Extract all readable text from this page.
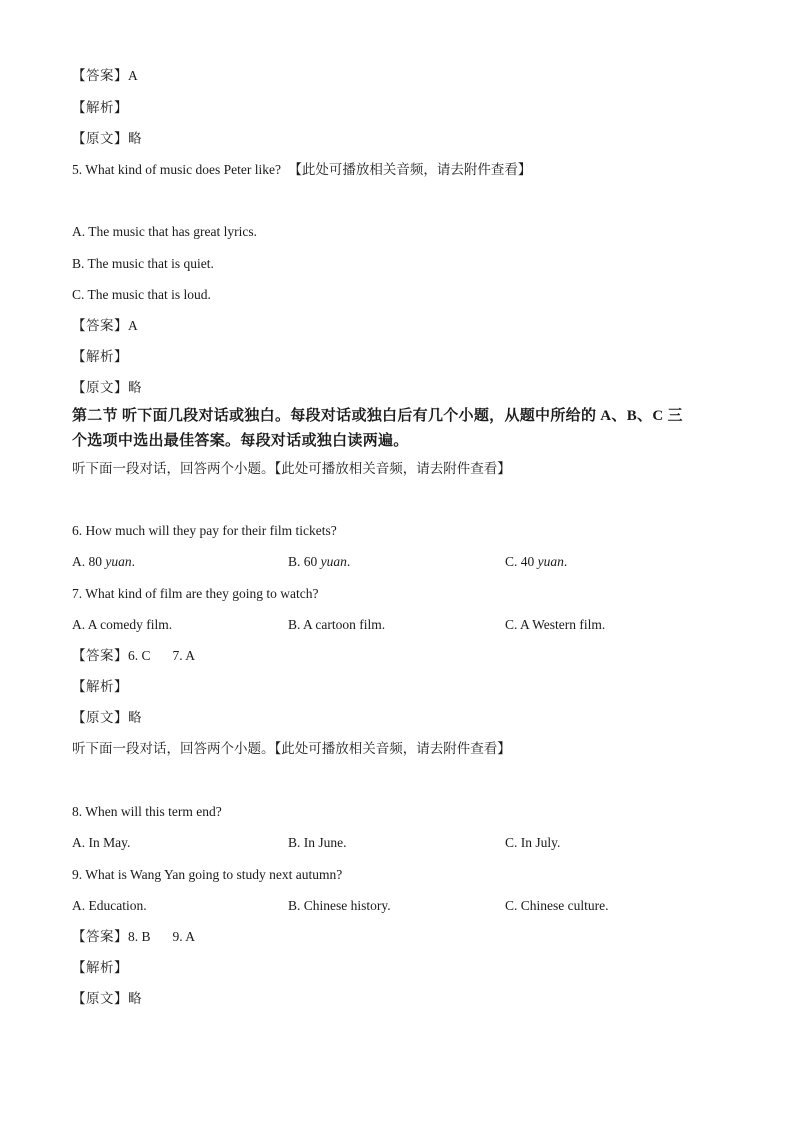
【答案】A
【解析】
【原文】略
5. What kind of music does Peter like? 【此处可播放相关音频，请去附件查看】
A. The music that has great lyrics.
B. The music that is quiet.
C. The music that is loud.
【答案】A
【解析】
【原文】略
第二节 听下面几段对话或独白。每段对话或独白后有几个小题，从题中所给的 A、B、C 三
个选项中选出最佳答案。每段对话或独白读两遍。
听下面一段对话，回答两个小题。【此处可播放相关音频，请去附件查看】
6. How much will they pay for their film tickets?
A. 80 yuan.	B. 60 yuan.	C. 40 yuan.
7. What kind of film are they going to watch?
A. A comedy film.	B. A cartoon film.	C. A Western film.
【答案】6. C 7. A
【解析】
【原文】略
听下面一段对话，回答两个小题。【此处可播放相关音频，请去附件查看】
8. When will this term end?
A. In May.	B. In June.	C. In July.
9. What is Wang Yan going to study next autumn?
A. Education.	B. Chinese history.	C. Chinese culture.
【答案】8. B 9. A
【解析】
【原文】略
